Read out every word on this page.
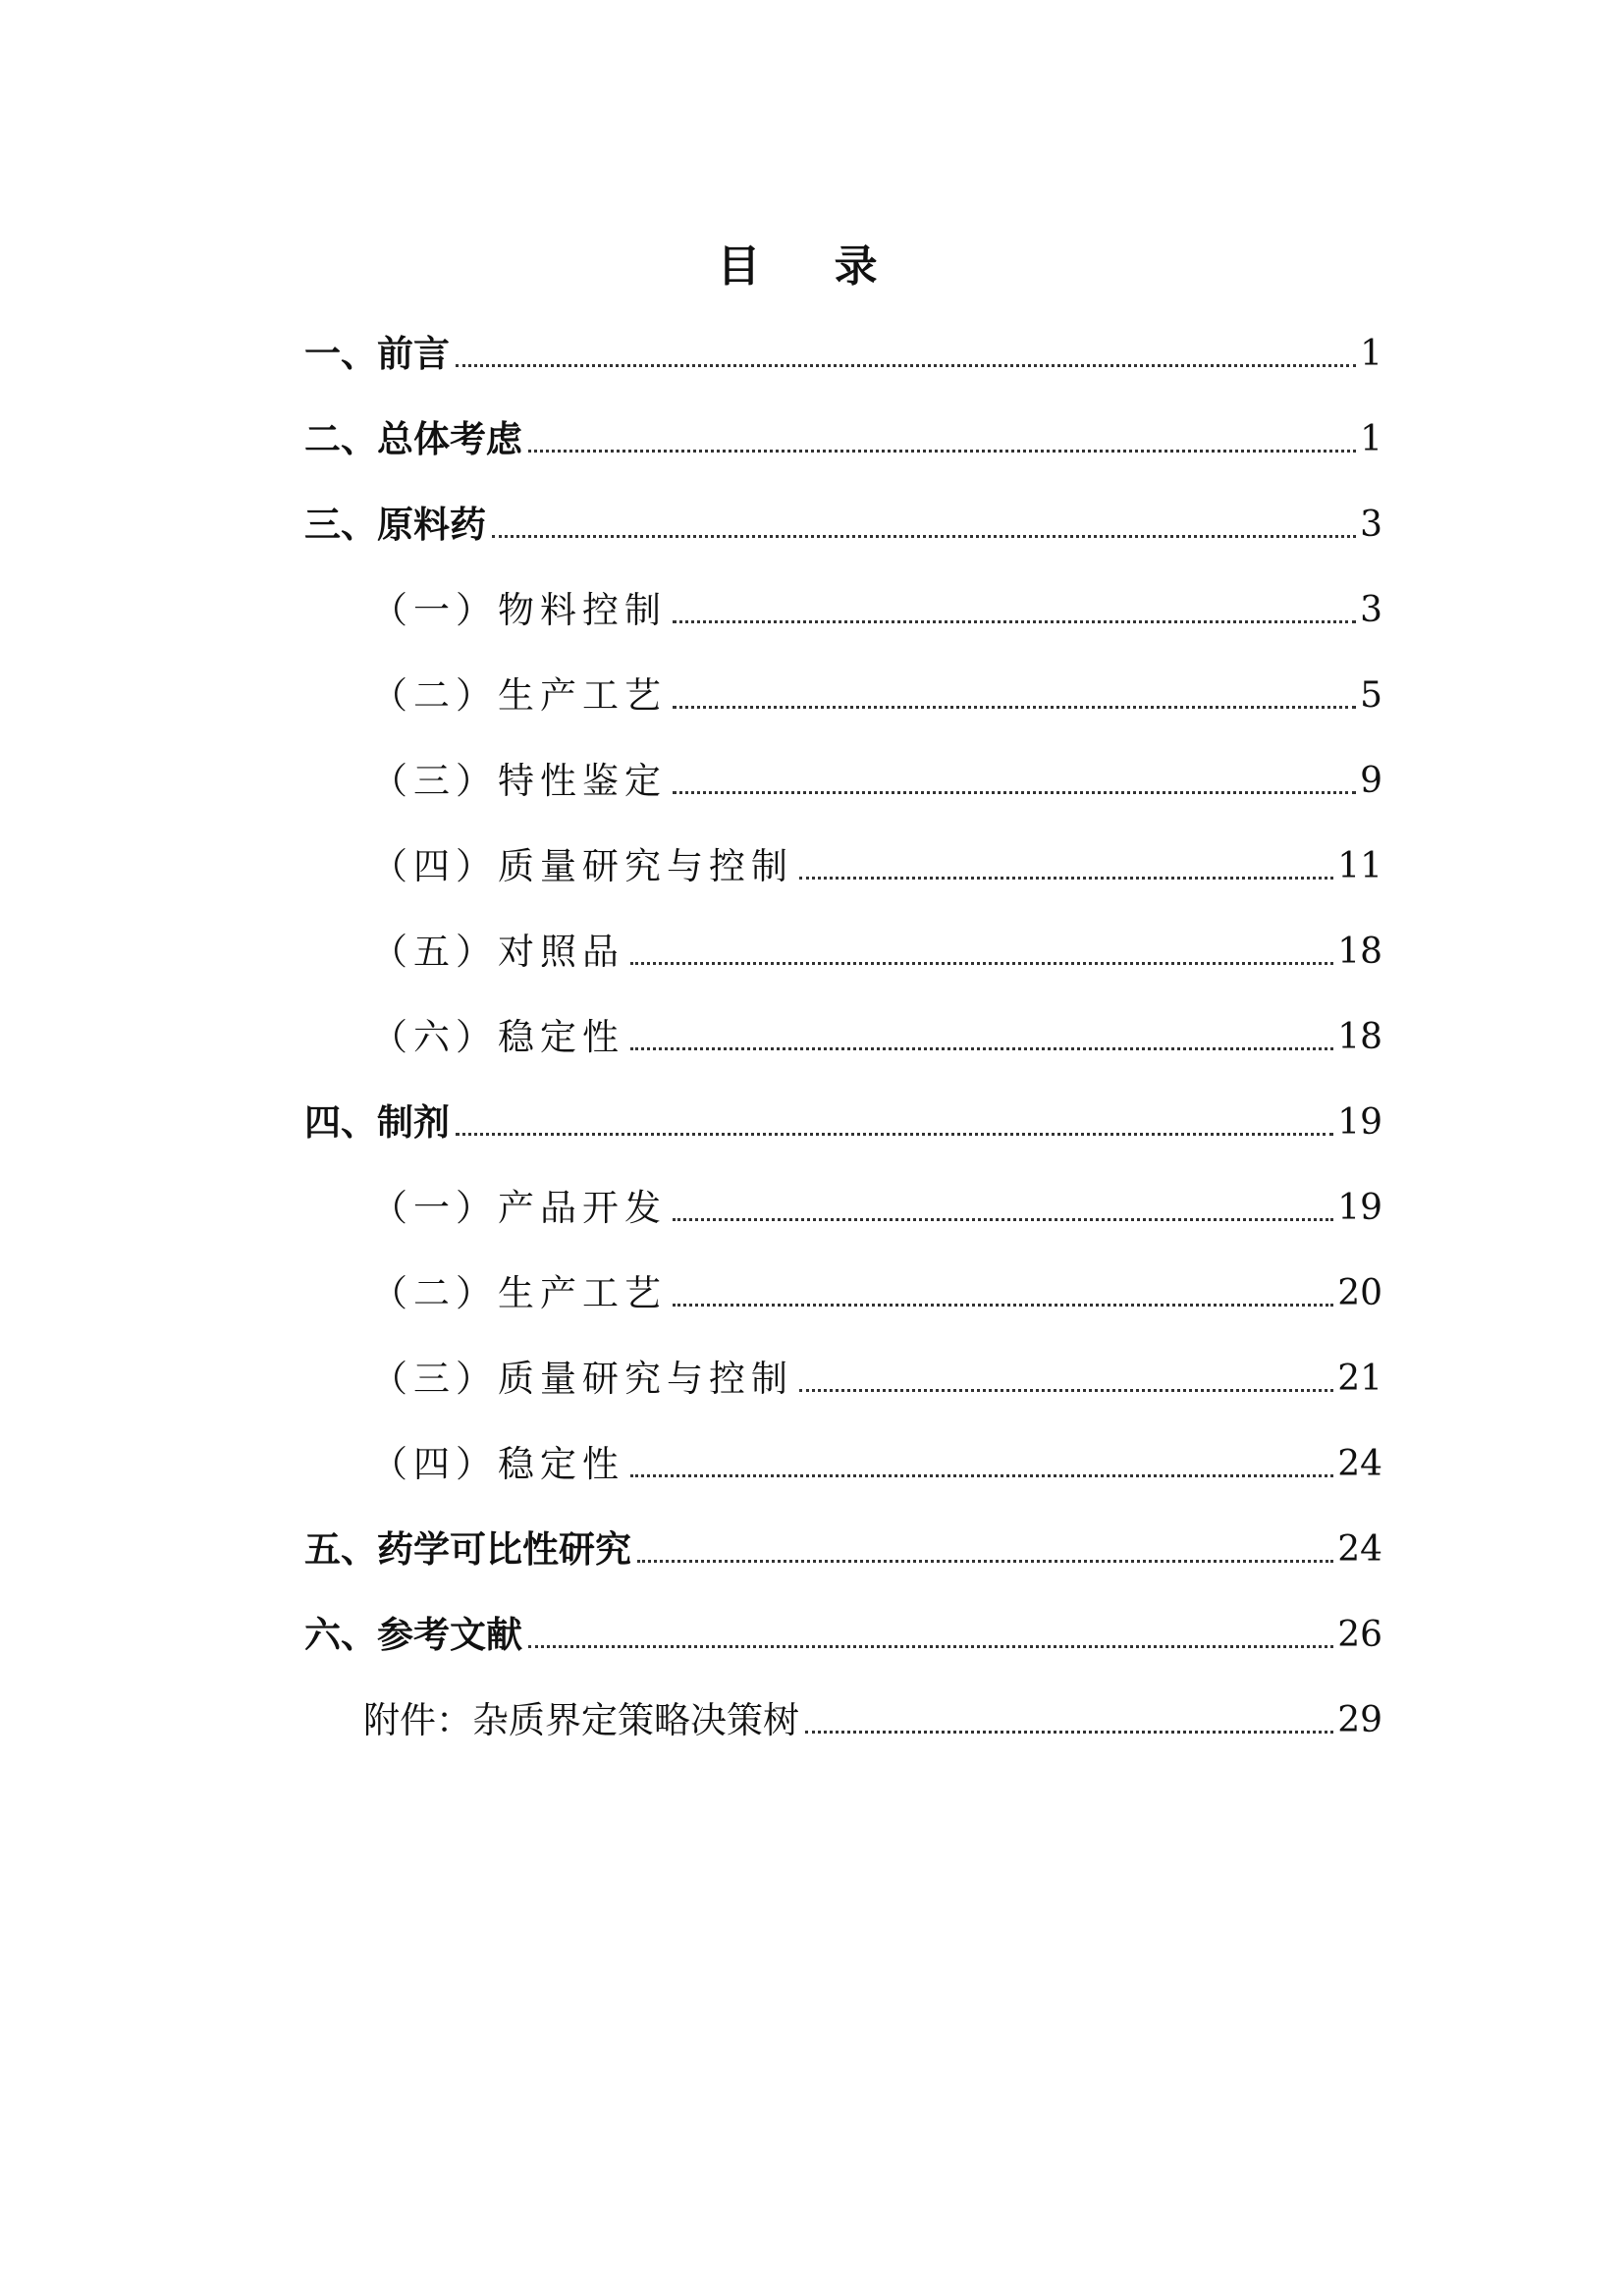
目 录
一、前言	1
二、总体考虑	1
三、原料药	3
（一）物料控制	3
（二）生产工艺	5
（三）特性鉴定	9
（四）质量研究与控制	11
（五）对照品	18
（六）稳定性	18
四、制剂	19
（一）产品开发	19
（二）生产工艺	20
（三）质量研究与控制	21
（四）稳定性	24
五、药学可比性研究	24
六、参考文献	26
附件：杂质界定策略决策树	29
